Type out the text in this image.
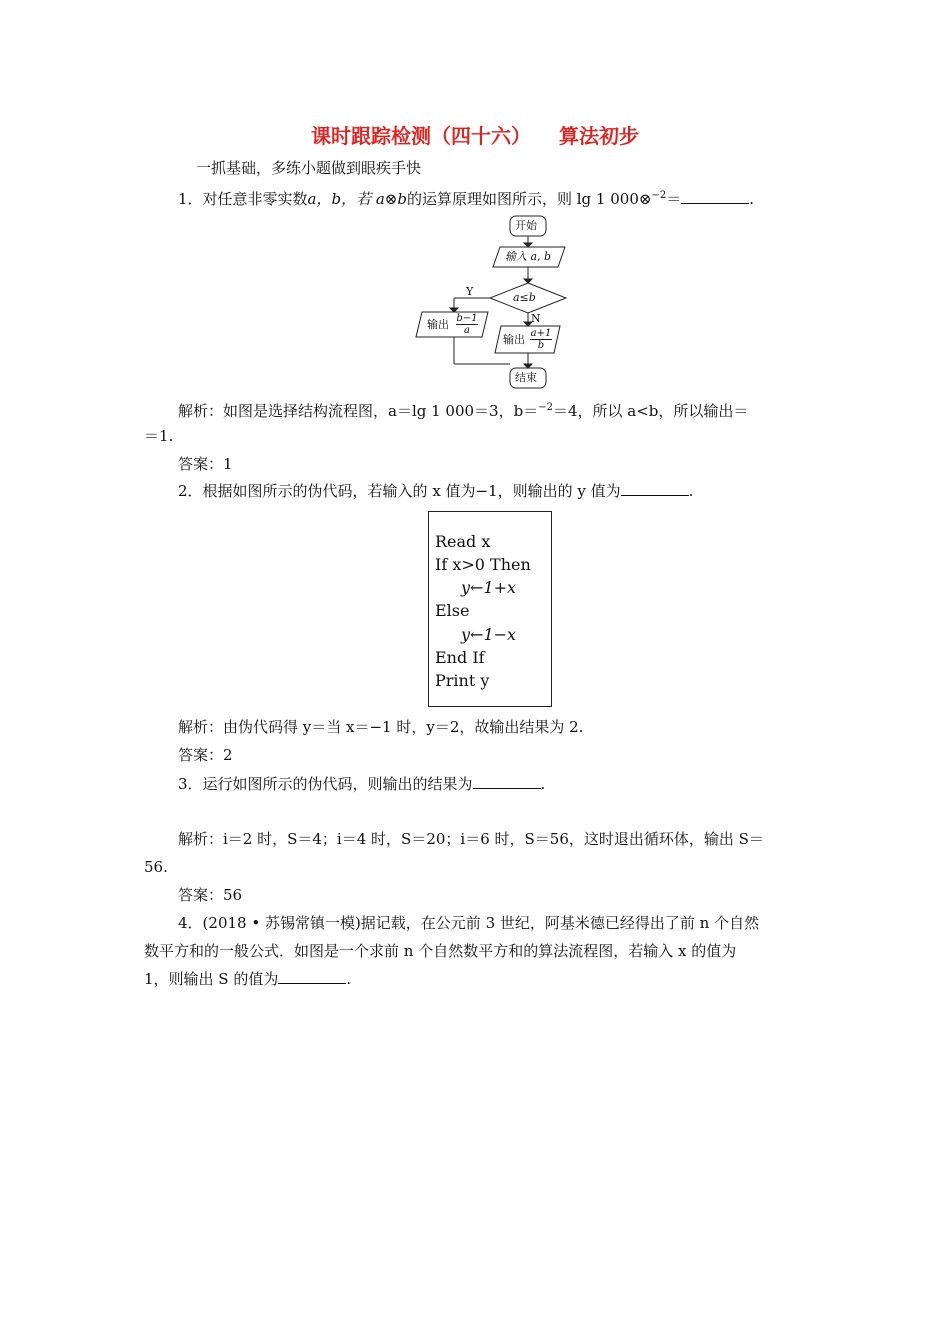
课时跟踪检测（四十六） 算法初步
一抓基础，多练小题做到眼疾手快
1．对任意非零实数a，b，若 a⊗b的运算原理如图所示，则 lg 1 000⊗$^{-2}$＝	.
开始
输入 a, b
a≤b
Y
N
输出 b−1
a
输出 a+1
b
结束
解析：如图是选择结构流程图，a＝lg 1 000＝3，b＝$^{-2}$＝4，所以 a<b，所以输出＝
＝1.
答案：1
2．根据如图所示的伪代码，若输入的 x 值为−1，则输出的 y 值为	.
Read x
If x>0 Then
y←1+x
Else
y←1−x
End If
Print y
解析：由伪代码得 y＝当 x＝−1 时，y＝2，故输出结果为 2.
答案：2
3．运行如图所示的伪代码，则输出的结果为	.
解析：i＝2 时，S＝4；i＝4 时，S＝20；i＝6 时，S＝56，这时退出循环体，输出 S＝
56.
答案：56
4．(2018 • 苏锡常镇一模)据记载，在公元前 3 世纪，阿基米德已经得出了前 n 个自然
数平方和的一般公式．如图是一个求前 n 个自然数平方和的算法流程图，若输入 x 的值为
1，则输出 S 的值为	.
